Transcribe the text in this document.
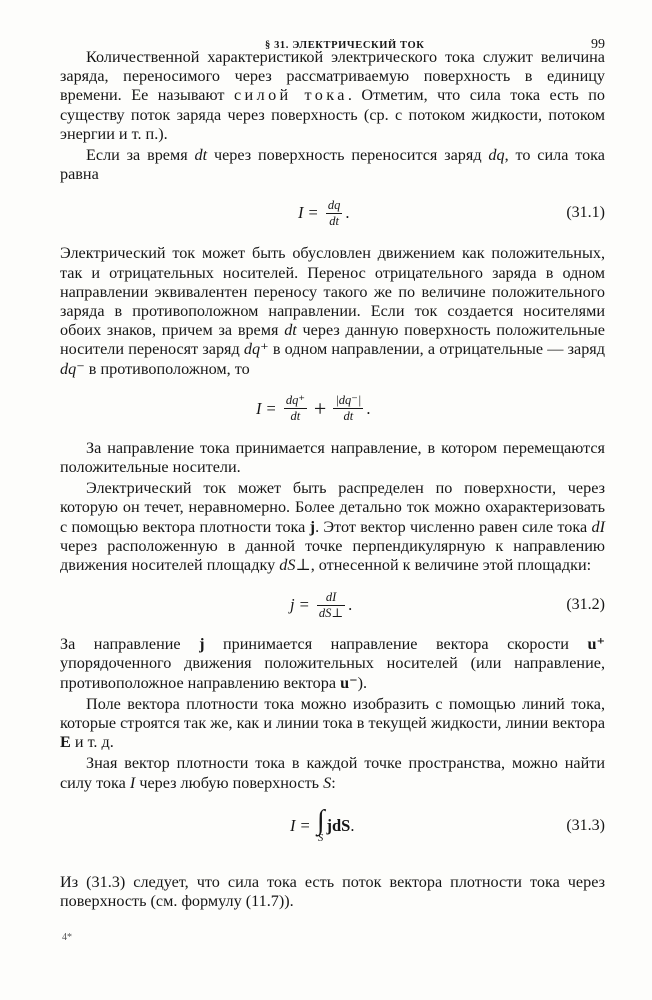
§ 31. ЭЛЕКТРИЧЕСКИЙ ТОК	99

Количественной характеристикой электрического тока служит величина заряда, переносимого через рассматриваемую поверхность в единицу времени. Ее называют силой тока. Отметим, что сила тока есть по существу поток заряда через поверхность (ср. с потоком жидкости, потоком энергии и т. п.).

Если за время dt через поверхность переносится заряд dq, то сила тока равна

$I = \frac{dq}{dt}$ .	(31.1)

Электрический ток может быть обусловлен движением как положительных, так и отрицательных носителей. Перенос отрицательного заряда в одном направлении эквивалентен переносу такого же по величине положительного заряда в противоположном направлении. Если ток создается носителями обоих знаков, причем за время dt через данную поверхность положительные носители переносят заряд dq⁺ в одном направлении, а отрицательные — заряд dq⁻ в противоположном, то

$I = \frac{dq^+}{dt} + \frac{|dq^-|}{dt}$ .

За направление тока принимается направление, в котором перемещаются положительные носители.

Электрический ток может быть распределен по поверхности, через которую он течет, неравномерно. Более детально ток можно охарактеризовать с помощью вектора плотности тока j. Этот вектор численно равен силе тока dI через расположенную в данной точке перпендикулярную к направлению движения носителей площадку dS⊥, отнесенной к величине этой площадки:

$j = \frac{dI}{dS\perp}$ .	(31.2)

За направление j принимается направление вектора скорости u⁺ упорядоченного движения положительных носителей (или направление, противоположное направлению вектора u⁻).

Поле вектора плотности тока можно изобразить с помощью линий тока, которые строятся так же, как и линии тока в текущей жидкости, линии вектора E и т. д.

Зная вектор плотности тока в каждой точке пространства, можно найти силу тока I через любую поверхность S:

I = ∫
S
jd S .	(31.3)

Из (31.3) следует, что сила тока есть поток вектора плотности тока через поверхность (см. формулу (11.7)).

4*
